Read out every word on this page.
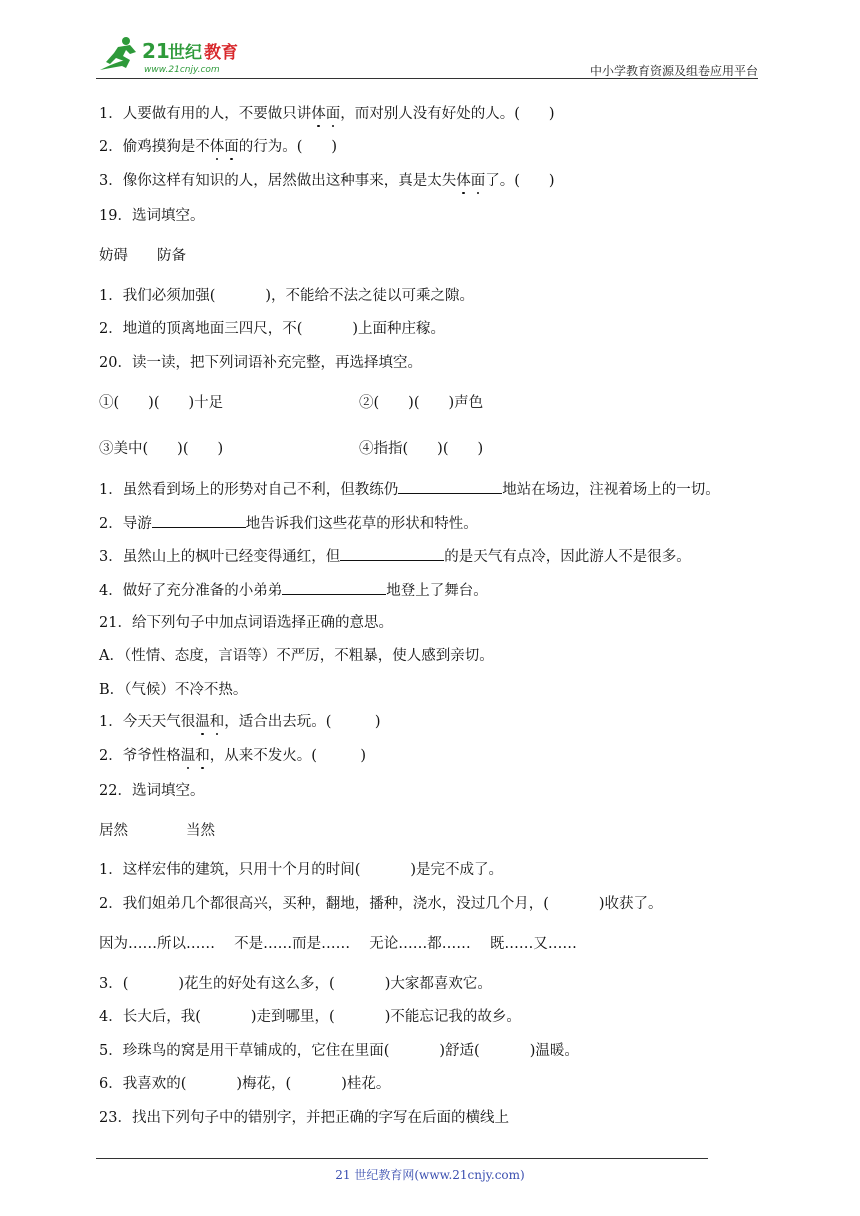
21
世纪 教育
www.21cnjy.com	中小学教育资源及组卷应用平台
1．人要做有用的人，不要做只讲体面，而对别人没有好处的人。(　　)
2．偷鸡摸狗是不体面的行为。(　　)
3．像你这样有知识的人，居然做出这种事来，真是太失体面了。(　　)
19．选词填空。
妨碍　　防备
1．我们必须加强(	)，不能给不法之徒以可乘之隙。
2．地道的顶离地面三四尺，不(	)上面种庄稼。
20．读一读，把下列词语补充完整，再选择填空。
①(　　)(　　)十足	②(　　)(　　)声色
③美中(　　)(　　)	④指指(　　)(　　)
1．虽然看到场上的形势对自己不利，但教练仍	地站在场边，注视着场上的一切。
2．导游	地告诉我们这些花草的形状和特性。
3．虽然山上的枫叶已经变得通红，但	的是天气有点冷，因此游人不是很多。
4．做好了充分准备的小弟弟	地登上了舞台。
21．给下列句子中加点词语选择正确的意思。
A．（性情、态度，言语等）不严厉，不粗暴，使人感到亲切。
B．（气候）不冷不热。
1．今天天气很温和，适合出去玩。(　　　)
2．爷爷性格温和，从来不发火。(　　　)
22．选词填空。
居然　　　　当然
1．这样宏伟的建筑，只用十个月的时间(	)是完不成了。
2．我们姐弟几个都很高兴，买种，翻地，播种，浇水，没过几个月，(	)收获了。
因为……所以……　 不是……而是……　 无论……都……　 既……又……
3．(	)花生的好处有这么多，(	)大家都喜欢它。
4．长大后，我(	)走到哪里，(	)不能忘记我的故乡。
5．珍珠鸟的窝是用干草铺成的，它住在里面(	)舒适(	)温暖。
6．我喜欢的(	)梅花，(	)桂花。
23．找出下列句子中的错别字，并把正确的字写在后面的横线上
21 世纪教育网(www.21cnjy.com)
